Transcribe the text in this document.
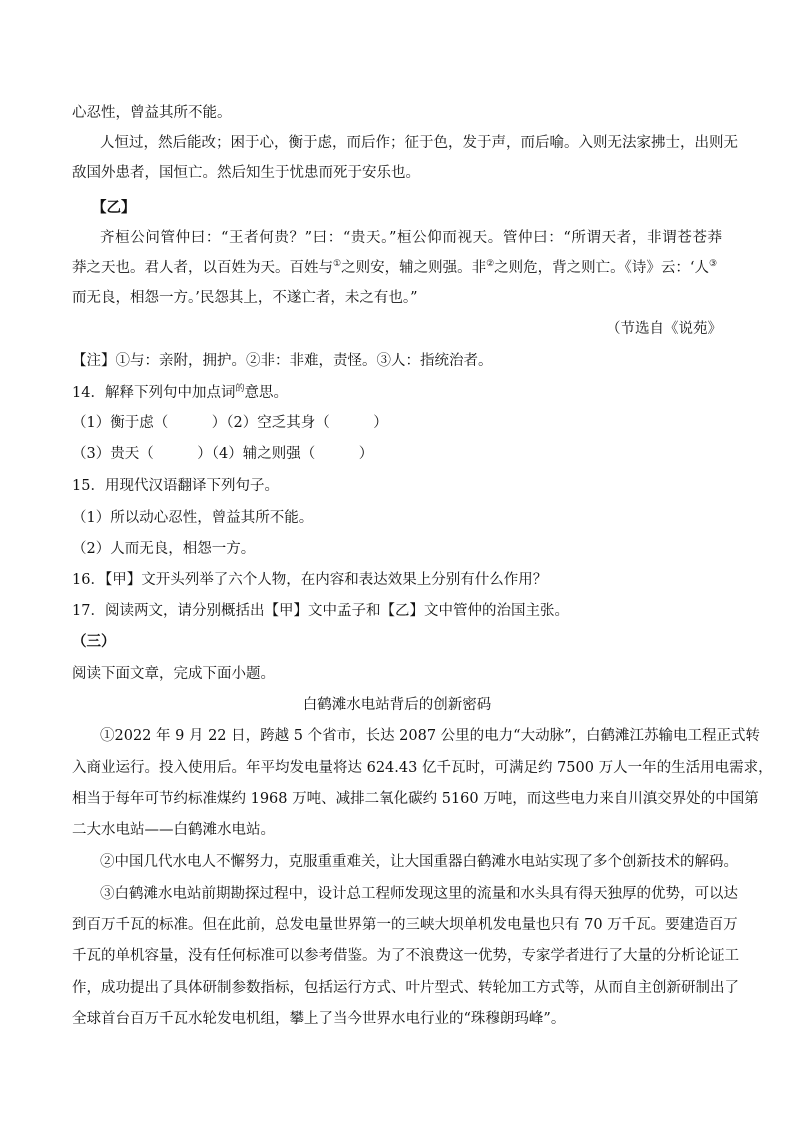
心忍性，曾益其所不能。
人恒过，然后能改；困于心，衡于虑，而后作；征于色，发于声，而后喻。入则无法家拂士，出则无
敌国外患者，国恒亡。然后知生于忧患而死于安乐也。
【乙】
齐桓公问管仲曰：“王者何贵？”曰：“贵天。”桓公仰而视天。管仲曰：“所谓天者，非谓苍苍莽
莽之天也。君人者，以百姓为天。百姓与①之则安，辅之则强。非②之则危，背之则亡。《诗》云：‘人③
而无良，相怨一方。’民怨其上，不遂亡者，未之有也。”
（节选自《说苑》
【注】①与：亲附，拥护。②非：非难，责怪。③人：指统治者。
14．解释下列句中加点词$^的$意思。
（1）衡于虑（　　　）（2）空乏其身（　　　）
（3）贵天（　　　）（4）辅之则强（　　　）
15．用现代汉语翻译下列句子。
（1）所以动心忍性，曾益其所不能。
（2）人而无良，相怨一方。
16．【甲】文开头列举了六个人物，在内容和表达效果上分别有什么作用？
17．阅读两文，请分别概括出【甲】文中孟子和【乙】文中管仲的治国主张。
（三）
阅读下面文章，完成下面小题。
白鹤滩水电站背后的创新密码
①2022 年 9 月 22 日，跨越 5 个省市，长达 2087 公里的电力“大动脉”，白鹤滩江苏输电工程正式转
入商业运行。投入使用后。年平均发电量将达 624.43 亿千瓦时，可满足约 7500 万人一年的生活用电需求，
相当于每年可节约标准煤约 1968 万吨、减排二氧化碳约 5160 万吨，而这些电力来自川滇交界处的中国第
二大水电站——白鹤滩水电站。
②中国几代水电人不懈努力，克服重重难关，让大国重器白鹤滩水电站实现了多个创新技术的解码。
③白鹤滩水电站前期勘探过程中，设计总工程师发现这里的流量和水头具有得天独厚的优势，可以达
到百万千瓦的标准。但在此前，总发电量世界第一的三峡大坝单机发电量也只有 70 万千瓦。要建造百万
千瓦的单机容量，没有任何标准可以参考借鉴。为了不浪费这一优势，专家学者进行了大量的分析论证工
作，成功提出了具体研制参数指标，包括运行方式、叶片型式、转轮加工方式等，从而自主创新研制出了
全球首台百万千瓦水轮发电机组，攀上了当今世界水电行业的“珠穆朗玛峰”。
